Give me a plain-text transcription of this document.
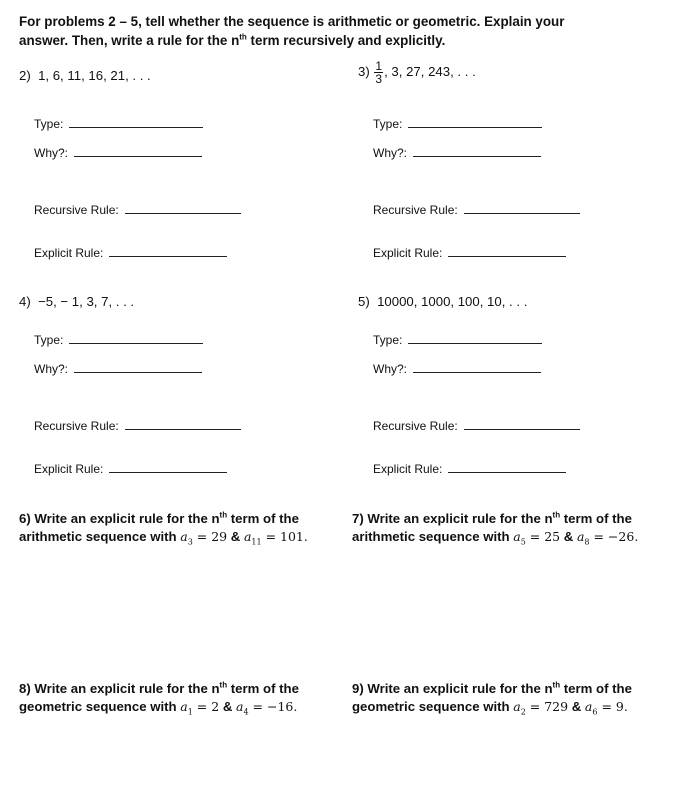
For problems 2 – 5, tell whether the sequence is arithmetic or geometric. Explain your
answer. Then, write a rule for the $n^{th}$ term recursively and explicitly.
2) 1, 6, 11, 16, 21, . . .	$3) \frac{1}{3}$ , 3, 27, 243, . . .
Type:
Why?:
Recursive Rule:
Explicit Rule:
Type:
Why?:
Recursive Rule:
Explicit Rule:
4) −5, − 1, 3, 7, . . .	5) 10000, 1000, 100, 10, . . .
Type:
Why?:
Recursive Rule:
Explicit Rule:
Type:
Why?:
Recursive Rule:
Explicit Rule:
6) Write an explicit rule for the $n^{th}$ term of the
arithmetic sequence with $a_3 = 29$ & $a_{11} = 101$.
7) Write an explicit rule for the $n^{th}$ term of the
arithmetic sequence with $a_5 = 25$ & $a_8 = -26$.
8) Write an explicit rule for the $n^{th}$ term of the
geometric sequence with $a_1 = 2$ & $a_4 = -16$.
9) Write an explicit rule for the $n^{th}$ term of the
geometric sequence with $a_2 = 729$ & $a_6 = 9$.
